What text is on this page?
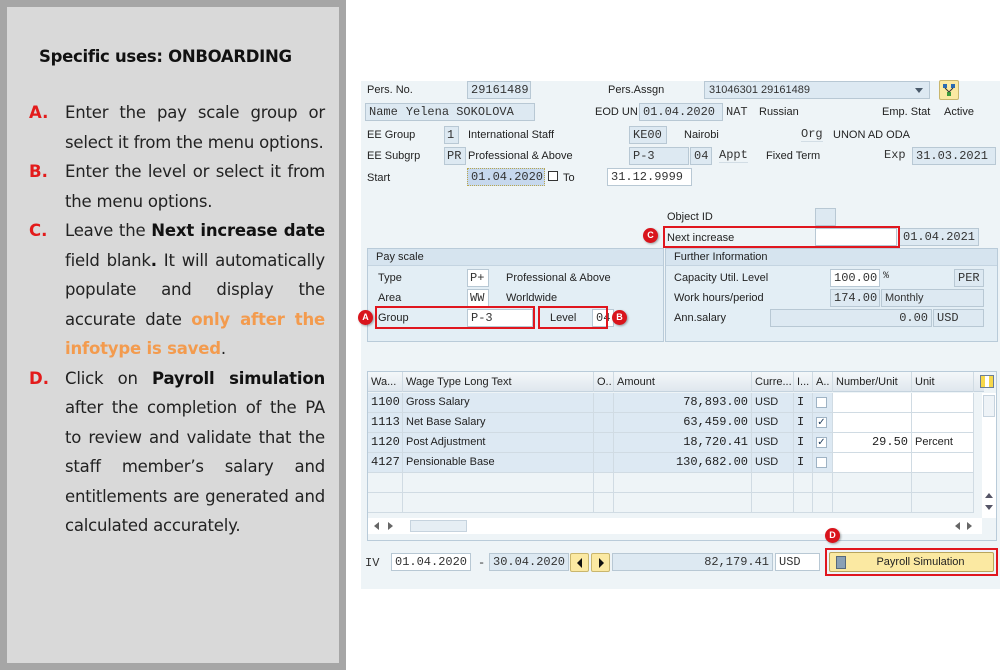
Specific uses: ONBOARDING
A.	Enter the pay scale group or select it from the menu options.
B.	Enter the level or select it from the menu options.
C.	Leave the Next increase date field blank. It will automatically populate and display the accurate date only after the infotype is saved.
D. Click on Payroll simulation after the completion of the PA to review and validate that the staff member’s salary and entitlements are generated and calculated accurately.
Pers. No.	29161489	Pers.Assgn	31046301 29161489
Name Yelena SOKOLOVA	EOD UN 01.04.2020 NAT Russian	Emp. Stat Active
EE Group	1	International Staff	KE00	Nairobi	Org UNON AD ODA
EE Subgrp PR Professional & Above	P-3	04 Appt Fixed Term	Exp 31.03.2021
Start	01.04.2020 To	31.12.9999
Object ID
Next increase	01.04.2021
C
Pay scale
Type	P+	Professional & Above
Area	WW	Worldwide
Group	P-3	Level	04
A	B
Further Information
Capacity Util. Level	100.00 %	PER
Work hours/period	174.00 Monthly
Ann.salary	0.00 USD
Wa... Wage Type Long Text	O.. Amount	Curre... I... A.. Number/Unit	Unit
1100 Gross Salary	78,893.00 USD	I
1113 Net Base Salary	63,459.00 USD	I	✓
1120 Post Adjustment	18,720.41 USD	I	✓	29.50 Percent
4127 Pensionable Base	130,682.00 USD	I
IV	01.04.2020 - 30.04.2020	82,179.41 USD	Payroll Simulation
D
